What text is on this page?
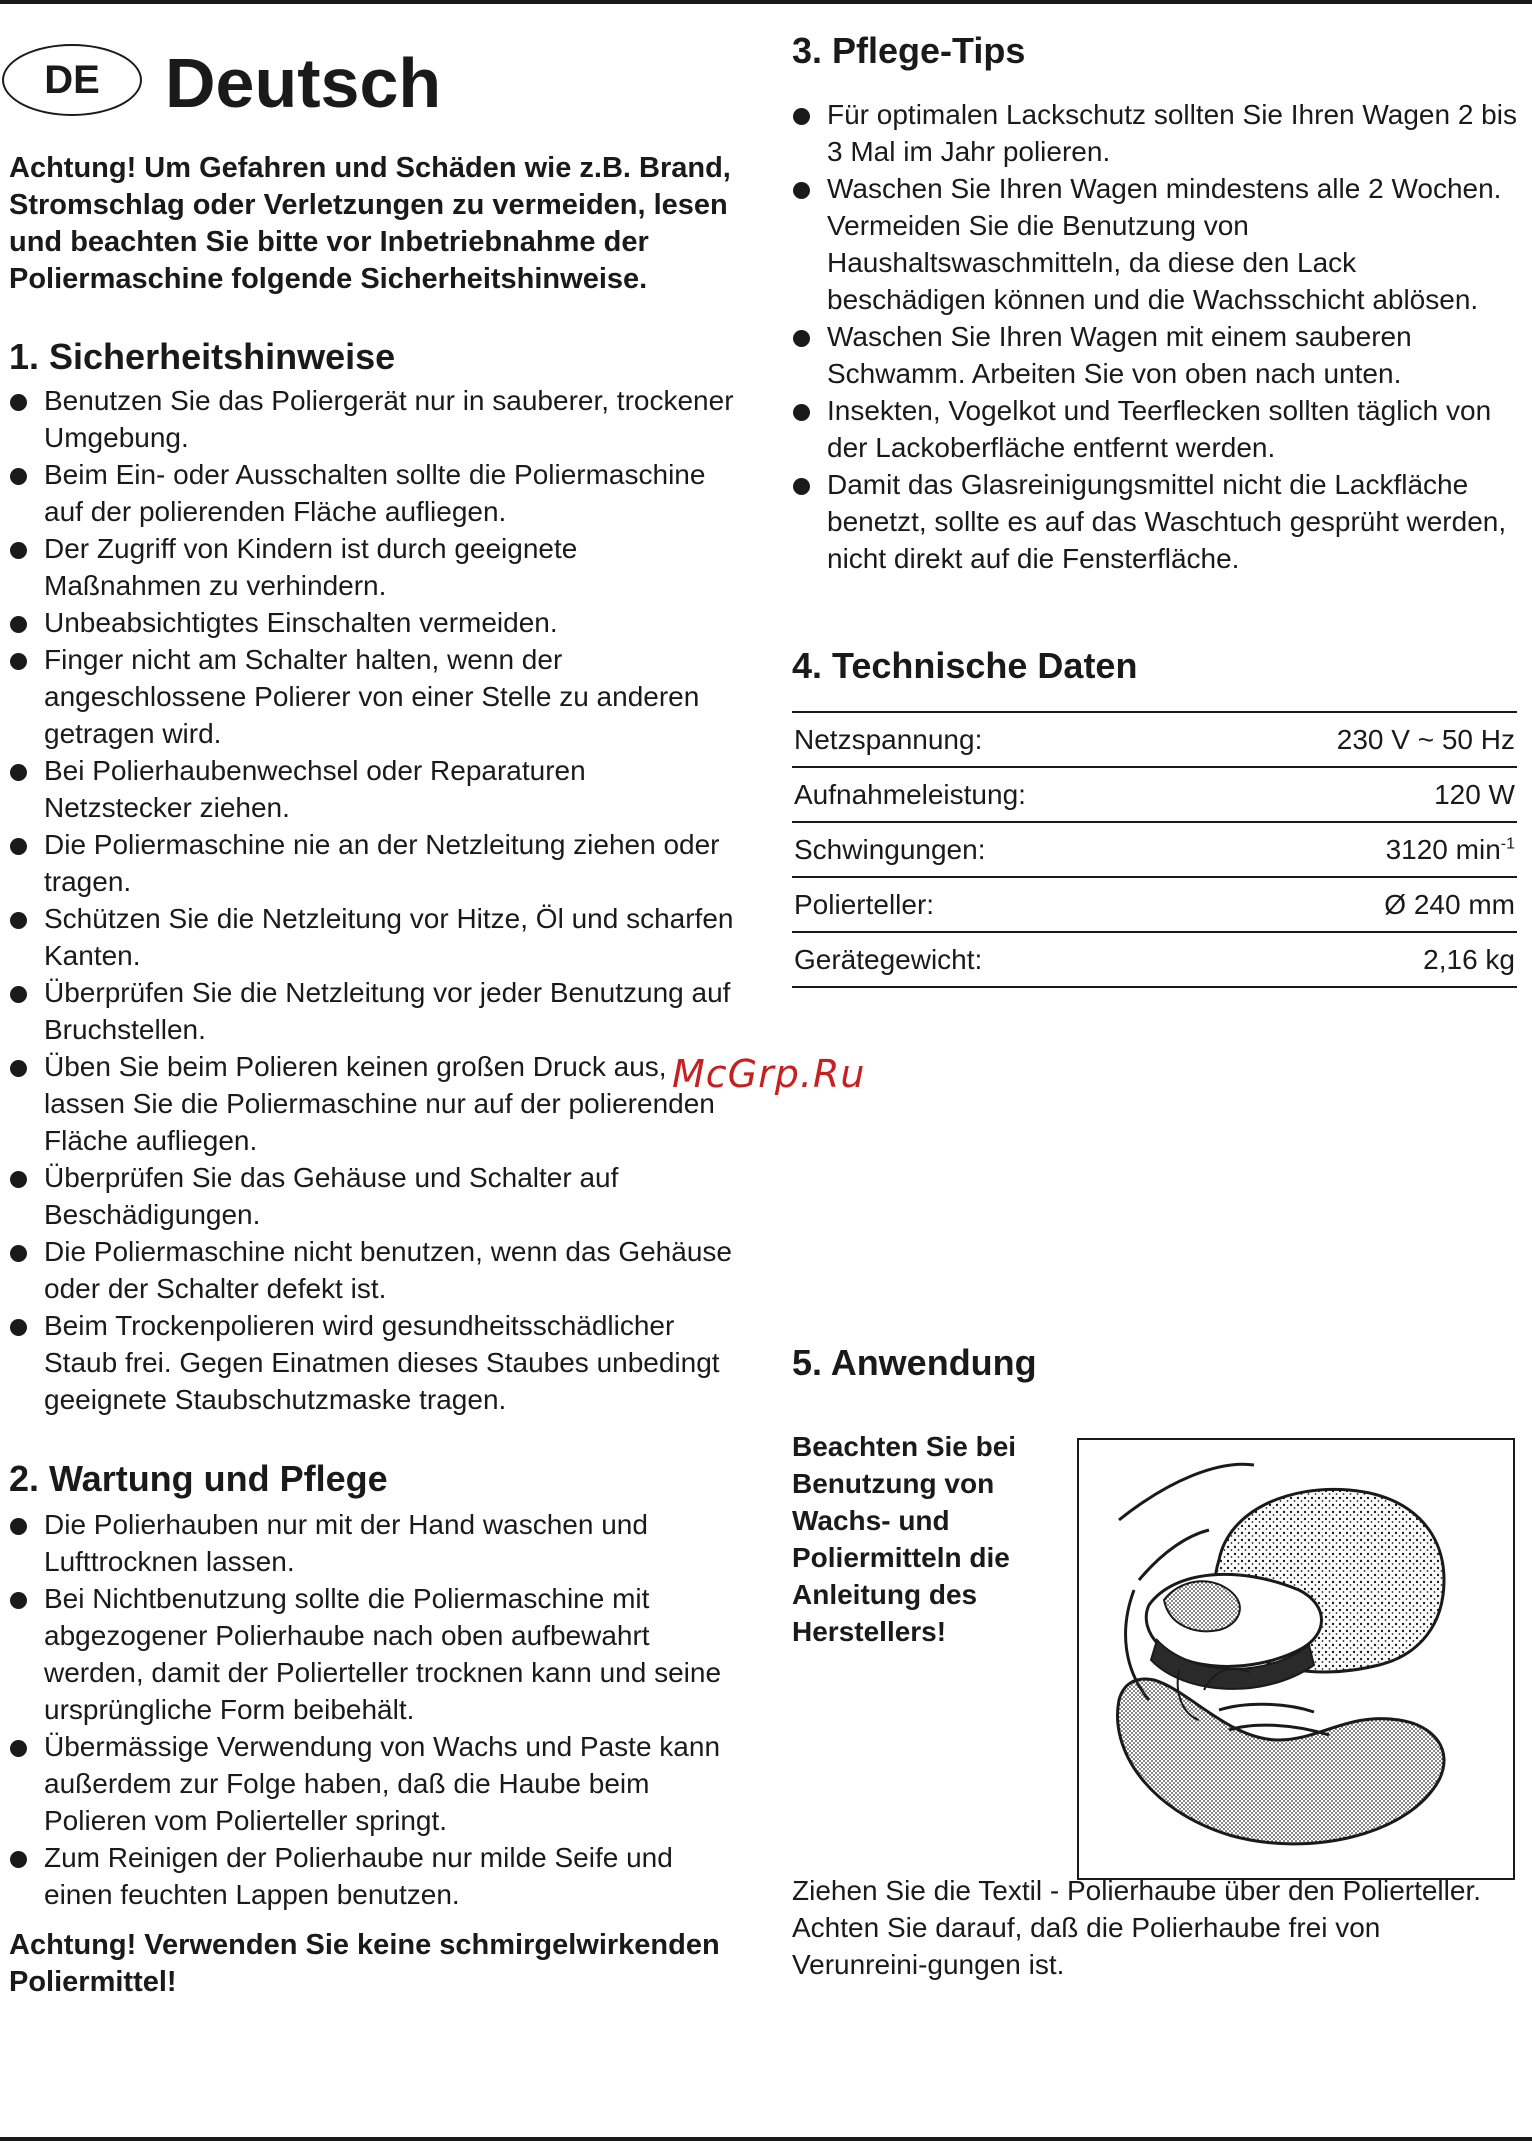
DE Deutsch

Achtung! Um Gefahren und Schäden wie z.B. Brand, Stromschlag oder Verletzungen zu vermeiden, lesen und beachten Sie bitte vor Inbetriebnahme der Poliermaschine folgende Sicherheitshinweise.

1. Sicherheitshinweise
Benutzen Sie das Poliergerät nur in sauberer, trockener Umgebung.
Beim Ein- oder Ausschalten sollte die Poliermaschine auf der polierenden Fläche aufliegen.
Der Zugriff von Kindern ist durch geeignete Maßnahmen zu verhindern.
Unbeabsichtigtes Einschalten vermeiden.
Finger nicht am Schalter halten, wenn der angeschlossene Polierer von einer Stelle zu anderen getragen wird.
Bei Polierhaubenwechsel oder Reparaturen Netzstecker ziehen.
Die Poliermaschine nie an der Netzleitung ziehen oder tragen.
Schützen Sie die Netzleitung vor Hitze, Öl und scharfen Kanten.
Überprüfen Sie die Netzleitung vor jeder Benutzung auf Bruchstellen.
Üben Sie beim Polieren keinen großen Druck aus, lassen Sie die Poliermaschine nur auf der polierenden Fläche aufliegen.
Überprüfen Sie das Gehäuse und Schalter auf Beschädigungen.
Die Poliermaschine nicht benutzen, wenn das Gehäuse oder der Schalter defekt ist.
Beim Trockenpolieren wird gesundheitsschädlicher Staub frei. Gegen Einatmen dieses Staubes unbedingt geeignete Staubschutzmaske tragen.
2. Wartung und Pflege
Die Polierhauben nur mit der Hand waschen und Lufttrocknen lassen.
Bei Nichtbenutzung sollte die Poliermaschine mit abgezogener Polierhaube nach oben aufbewahrt werden, damit der Polierteller trocknen kann und seine ursprüngliche Form beibehält.
Übermässige Verwendung von Wachs und Paste kann außerdem zur Folge haben, daß die Haube beim Polieren vom Polierteller springt.
Zum Reinigen der Polierhaube nur milde Seife und einen feuchten Lappen benutzen.

Achtung! Verwenden Sie keine schmirgelwirkenden Poliermittel!

3. Pflege-Tips
Für optimalen Lackschutz sollten Sie Ihren Wagen 2 bis 3 Mal im Jahr polieren.
Waschen Sie Ihren Wagen mindestens alle 2 Wochen. Vermeiden Sie die Benutzung von Haushaltswaschmitteln, da diese den Lack beschädigen können und die Wachsschicht ablösen.
Waschen Sie Ihren Wagen mit einem sauberen Schwamm. Arbeiten Sie von oben nach unten.
Insekten, Vogelkot und Teerflecken sollten täglich von der Lackoberfläche entfernt werden.
Damit das Glasreinigungsmittel nicht die Lackfläche benetzt, sollte es auf das Waschtuch gesprüht werden, nicht direkt auf die Fensterfläche.
4. Technische Daten
Netzspannung:	230 V ~ 50 Hz
Aufnahmeleistung:	120 W
Schwingungen:	3120 $\min^{-1}$
Polierteller:	Ø 240 mm
Gerätegewicht:	2,16 kg
5. Anwendung
Beachten Sie bei Benutzung von Wachs- und Poliermitteln die Anleitung des Herstellers!
Ziehen Sie die Textil - Polierhaube über den Polierteller. Achten Sie darauf, daß die Polierhaube frei von Verunreini-gungen ist.
McGrp.Ru
